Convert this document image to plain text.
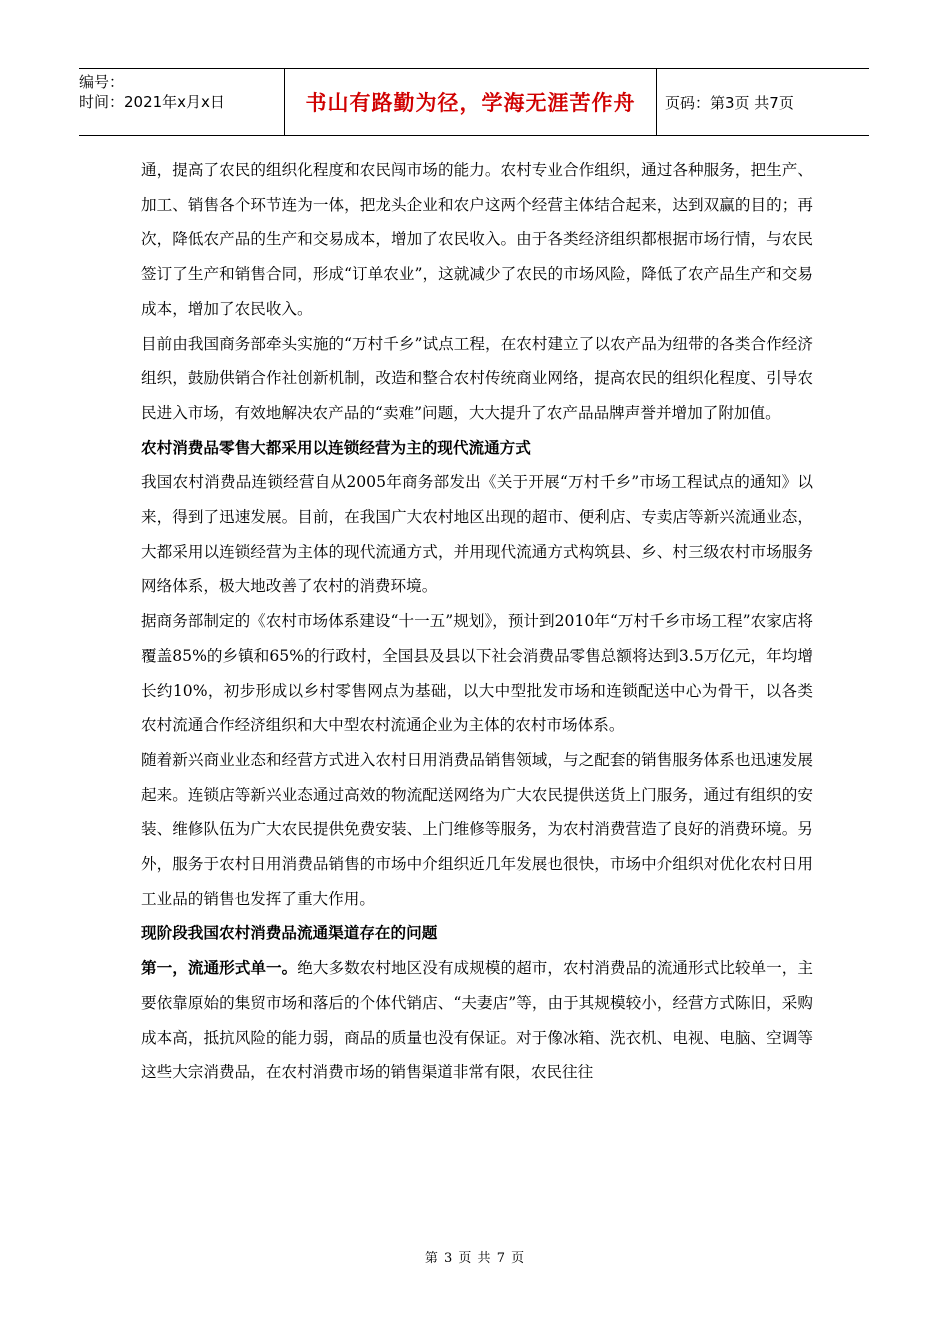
编号：
时间：2021年x月x日	书山有路勤为径，学海无涯苦作舟 页码：第3页 共7页

通，提高了农民的组织化程度和农民闯市场的能力。农村专业合作组织，通过各种服务，把生产、加工、销售各个环节连为一体，把龙头企业和农户这两个经营主体结合起来，达到双赢的目的；再次，降低农产品的生产和交易成本，增加了农民收入。由于各类经济组织都根据市场行情，与农民签订了生产和销售合同，形成“订单农业”，这就减少了农民的市场风险，降低了农产品生产和交易成本，增加了农民收入。

目前由我国商务部牵头实施的“万村千乡”试点工程，在农村建立了以农产品为纽带的各类合作经济组织，鼓励供销合作社创新机制，改造和整合农村传统商业网络，提高农民的组织化程度、引导农民进入市场，有效地解决农产品的“卖难”问题，大大提升了农产品品牌声誉并增加了附加值。

农村消费品零售大都采用以连锁经营为主的现代流通方式

我国农村消费品连锁经营自从2005年商务部发出《关于开展“万村千乡”市场工程试点的通知》以来，得到了迅速发展。目前，在我国广大农村地区出现的超市、便利店、专卖店等新兴流通业态，大都采用以连锁经营为主体的现代流通方式，并用现代流通方式构筑县、乡、村三级农村市场服务网络体系，极大地改善了农村的消费环境。

据商务部制定的《农村市场体系建设“十一五”规划》，预计到2010年“万村千乡市场工程”农家店将覆盖85%的乡镇和65%的行政村，全国县及县以下社会消费品零售总额将达到3.5万亿元，年均增长约10%，初步形成以乡村零售网点为基础，以大中型批发市场和连锁配送中心为骨干，以各类农村流通合作经济组织和大中型农村流通企业为主体的农村市场体系。

随着新兴商业业态和经营方式进入农村日用消费品销售领域，与之配套的销售服务体系也迅速发展起来。连锁店等新兴业态通过高效的物流配送网络为广大农民提供送货上门服务，通过有组织的安装、维修队伍为广大农民提供免费安装、上门维修等服务，为农村消费营造了良好的消费环境。另外，服务于农村日用消费品销售的市场中介组织近几年发展也很快，市场中介组织对优化农村日用工业品的销售也发挥了重大作用。

现阶段我国农村消费品流通渠道存在的问题

第一，流通形式单一。绝大多数农村地区没有成规模的超市，农村消费品的流通形式比较单一，主要依靠原始的集贸市场和落后的个体代销店、“夫妻店”等，由于其规模较小，经营方式陈旧，采购成本高，抵抗风险的能力弱，商品的质量也没有保证。对于像冰箱、洗衣机、电视、电脑、空调等这些大宗消费品，在农村消费市场的销售渠道非常有限，农民往往

第 3 页 共 7 页
